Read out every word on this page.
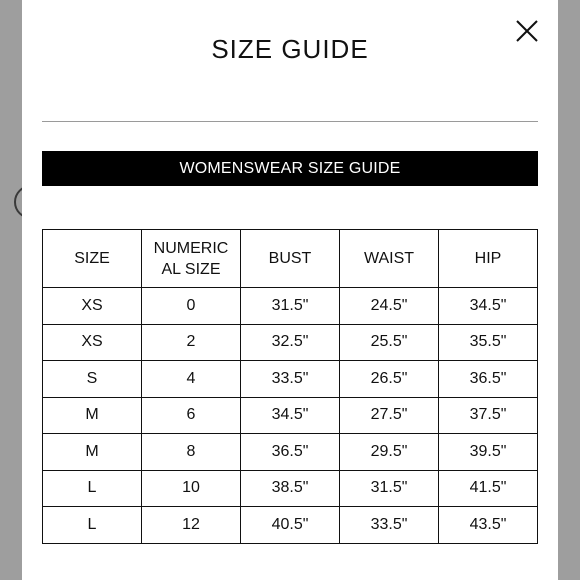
SIZE GUIDE
WOMENSWEAR SIZE GUIDE
SIZE	NUMERICAL SIZE	BUST	WAIST	HIP
XS	0	31.5"	24.5"	34.5"
XS	2	32.5"	25.5"	35.5"
S	4	33.5"	26.5"	36.5"
M	6	34.5"	27.5"	37.5"
M	8	36.5"	29.5"	39.5"
L	10	38.5"	31.5"	41.5"
L	12	40.5"	33.5"	43.5"
